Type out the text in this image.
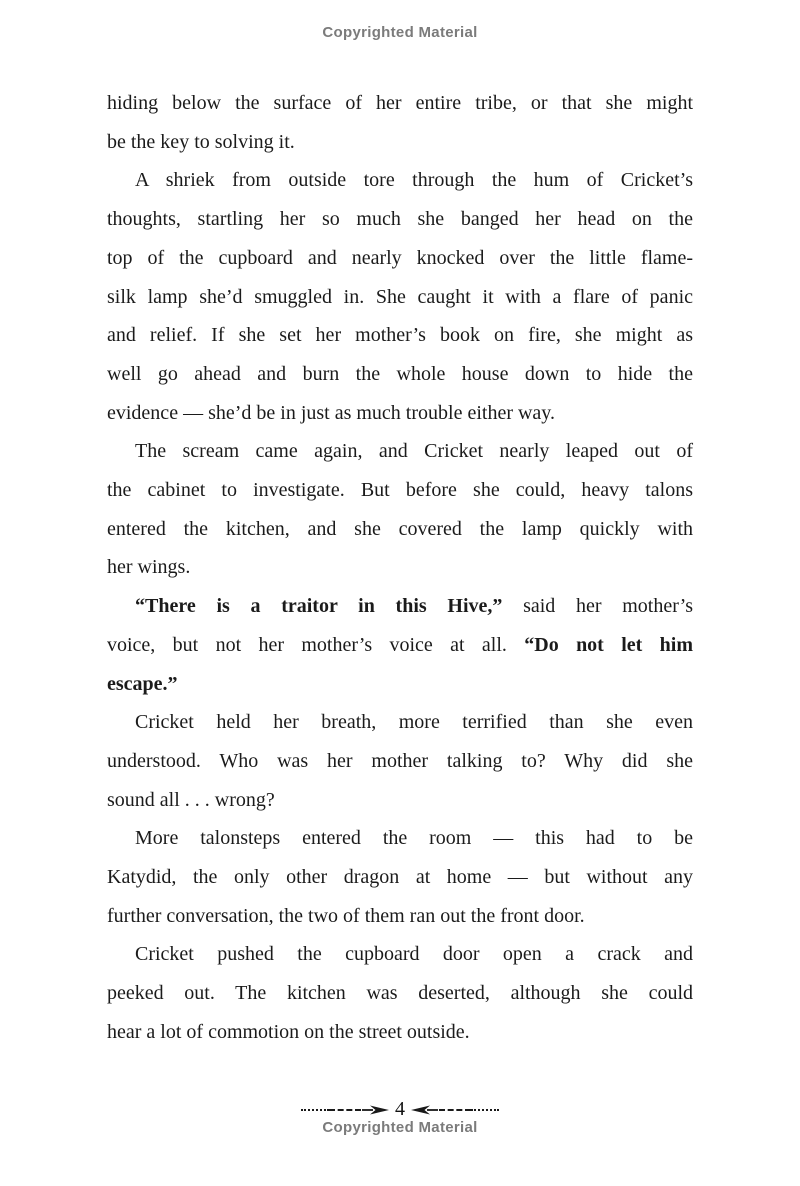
Copyrighted Material
hiding below the surface of her entire tribe, or that she might
be the key to solving it.
A shriek from outside tore through the hum of Cricket’s
thoughts, startling her so much she banged her head on the
top of the cupboard and nearly knocked over the little flame-
silk lamp she’d smuggled in. She caught it with a flare of panic
and relief. If she set her mother’s book on fire, she might as
well go ahead and burn the whole house down to hide the
evidence — she’d be in just as much trouble either way.
The scream came again, and Cricket nearly leaped out of
the cabinet to investigate. But before she could, heavy talons
entered the kitchen, and she covered the lamp quickly with
her wings.
“There is a traitor in this Hive,” said her mother’s
voice, but not her mother’s voice at all. “Do not let him
escape.”
Cricket held her breath, more terrified than she even
understood. Who was her mother talking to? Why did she
sound all . . . wrong?
More talonsteps entered the room — this had to be
Katydid, the only other dragon at home — but without any
further conversation, the two of them ran out the front door.
Cricket pushed the cupboard door open a crack and
peeked out. The kitchen was deserted, although she could
hear a lot of commotion on the street outside.
4
Copyrighted Material
